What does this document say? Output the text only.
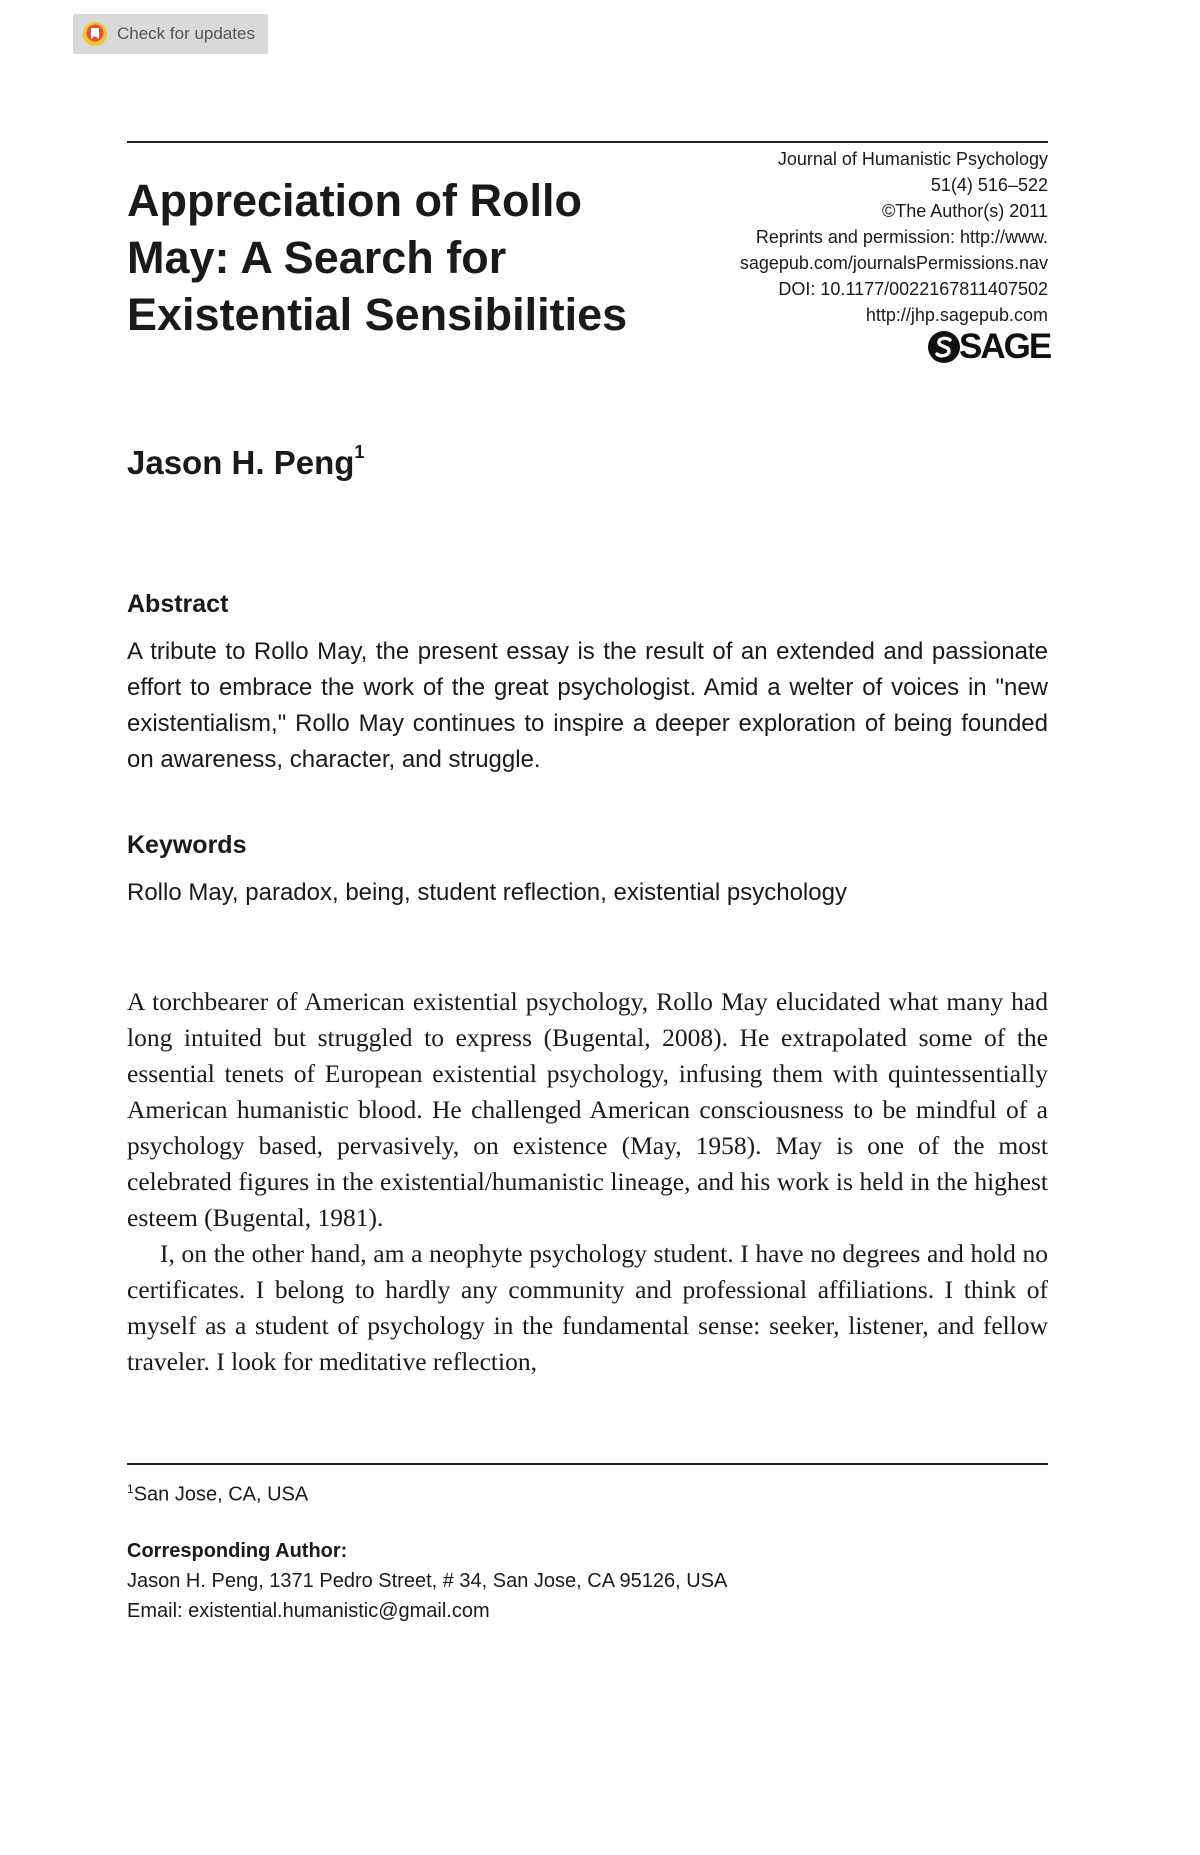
Check for updates
Appreciation of Rollo May: A Search for Existential Sensibilities
Journal of Humanistic Psychology
51(4) 516–522
©The Author(s) 2011
Reprints and permission: http://www.
sagepub.com/journalsPermissions.nav
DOI: 10.1177/0022167811407502
http://jhp.sagepub.com
SAGE
Jason H. Peng$^1$
Abstract

A tribute to Rollo May, the present essay is the result of an extended and passionate effort to embrace the work of the great psychologist. Amid a welter of voices in "new existentialism," Rollo May continues to inspire a deeper exploration of being founded on awareness, character, and struggle.

Keywords

Rollo May, paradox, being, student reflection, existential psychology

A torchbearer of American existential psychology, Rollo May elucidated what many had long intuited but struggled to express (Bugental, 2008). He extrapolated some of the essential tenets of European existential psychology, infusing them with quintessentially American humanistic blood. He challenged American consciousness to be mindful of a psychology based, pervasively, on existence (May, 1958). May is one of the most celebrated figures in the existential/humanistic lineage, and his work is held in the highest esteem (Bugental, 1981).

I, on the other hand, am a neophyte psychology student. I have no degrees and hold no certificates. I belong to hardly any community and professional affiliations. I think of myself as a student of psychology in the fundamental sense: seeker, listener, and fellow traveler. I look for meditative reflection,

$^1$San Jose, CA, USA
Corresponding Author:
Jason H. Peng, 1371 Pedro Street, # 34, San Jose, CA 95126, USA
Email: existential.humanistic@gmail.com
